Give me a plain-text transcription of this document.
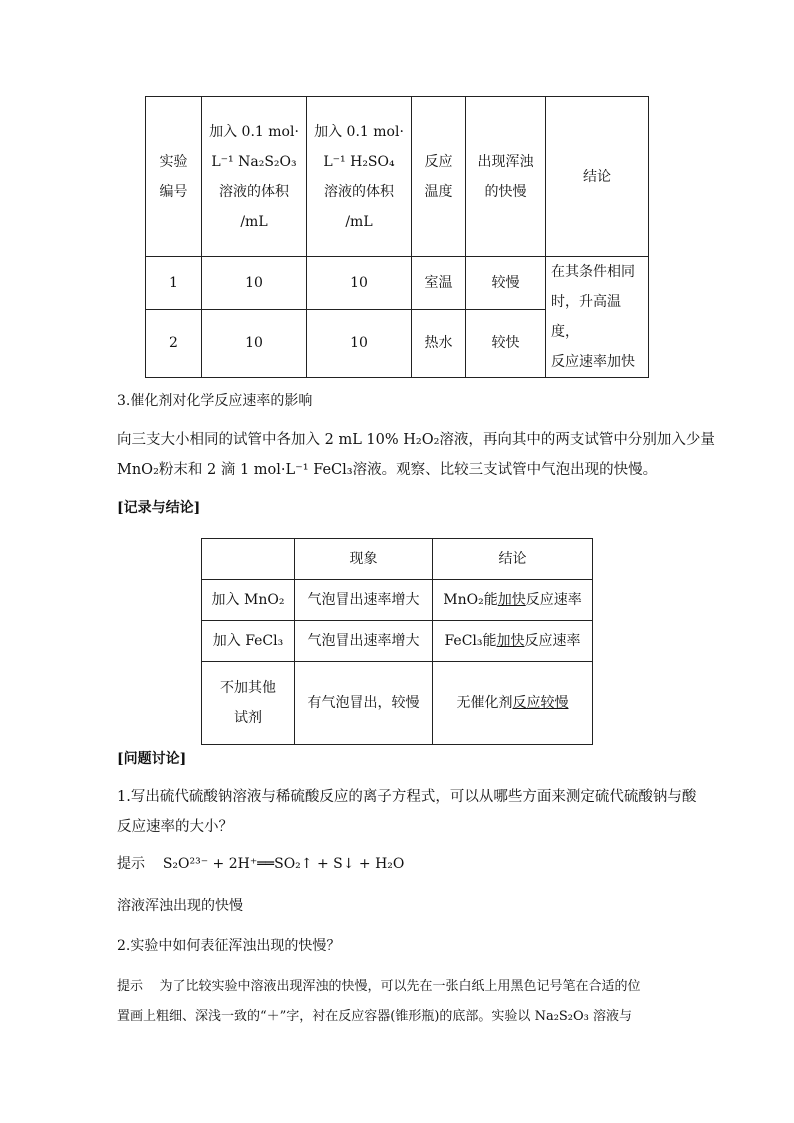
实验
编号	加入 0.1 mol·
L⁻¹ Na₂S₂O₃
溶液的体积
/mL	加入 0.1 mol·
L⁻¹ H₂SO₄
溶液的体积
/mL	反应
温度	出现浑浊
的快慢	结论
1	10	10	室温	较慢	在其条件相同
时，升高温度，
反应速率加快

2	10	10	热水	较快	
3.催化剂对化学反应速率的影响
向三支大小相同的试管中各加入 2 mL 10% H₂O₂溶液，再向其中的两支试管中分别加入少量
MnO₂粉末和 2 滴 1 mol·L⁻¹ FeCl₃溶液。观察、比较三支试管中气泡出现的快慢。
[记录与结论]
	现象	结论
加入 MnO₂	气泡冒出速率增大	MnO₂能加快反应速率
加入 FeCl₃	气泡冒出速率增大	FeCl₃能加快反应速率

不加其他
试剂	有气泡冒出，较慢	无催化剂反应较慢
[问题讨论]
1.写出硫代硫酸钠溶液与稀硫酸反应的离子方程式，可以从哪些方面来测定硫代硫酸钠与酸
反应速率的大小？
提示 S₂O²³⁻ + 2H⁺══SO₂↑ + S↓ + H₂O
溶液浑浊出现的快慢
2.实验中如何表征浑浊出现的快慢？
提示 为了比较实验中溶液出现浑浊的快慢，可以先在一张白纸上用黑色记号笔在合适的位
置画上粗细、深浅一致的“＋”字，衬在反应容器(锥形瓶)的底部。实验以 Na₂S₂O₃ 溶液与
